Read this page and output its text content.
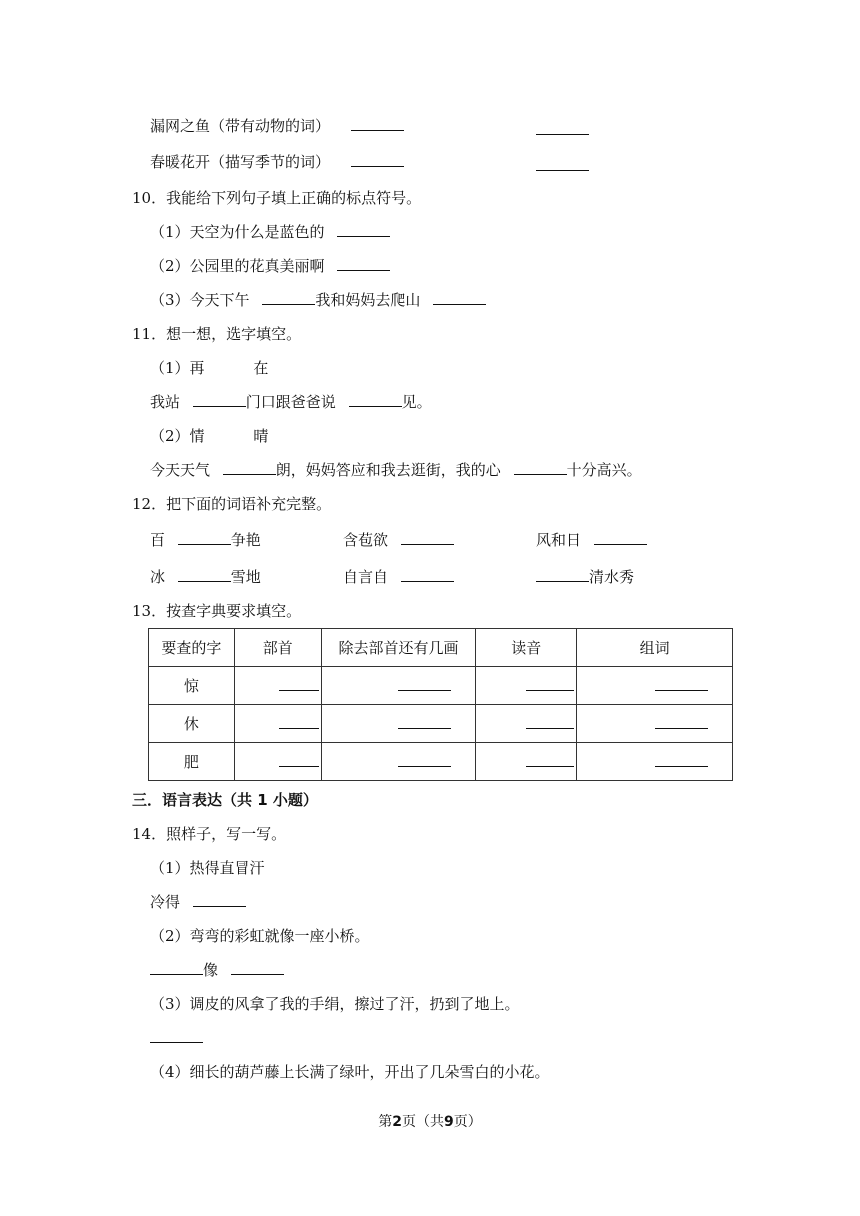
漏网之鱼（带有动物的词）
春暖花开（描写季节的词）
10．我能给下列句子填上正确的标点符号。
（1）天空为什么是蓝色的
（2）公园里的花真美丽啊
（3）今天下午	我和妈妈去爬山
11．想一想，选字填空。
（1）再	在
我站	门口跟爸爸说	见。
（2）情	晴
今天天气	朗，妈妈答应和我去逛街，我的心	十分高兴。
12．把下面的词语补充完整。
百	争艳	含苞欲	风和日
冰	雪地	自言自	清水秀
13．按查字典要求填空。
要查的字	部首	除去部首还有几画	读音	组词
惊				
休				
肥				
三．语言表达（共 1 小题）
14．照样子，写一写。
（1）热得直冒汗
冷得
（2）弯弯的彩虹就像一座小桥。
像
（3）调皮的风拿了我的手绢，擦过了汗，扔到了地上。
（4）细长的葫芦藤上长满了绿叶，开出了几朵雪白的小花。
第2页（共9页）
